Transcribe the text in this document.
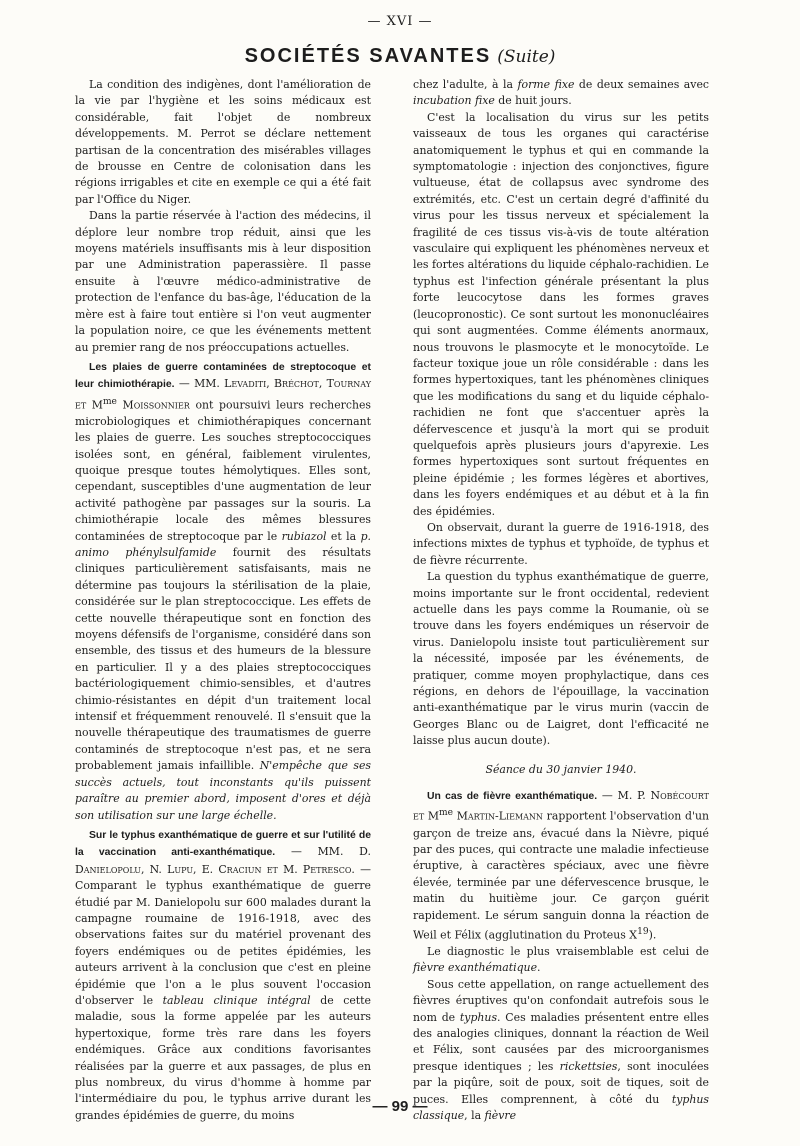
— XVI —
SOCIÉTÉS SAVANTES (Suite)

La condition des indigènes, dont l'amélioration de la vie par l'hygiène et les soins médicaux est considérable, fait l'objet de nombreux développements. M. Perrot se déclare nettement partisan de la concentration des misérables villages de brousse en Centre de colonisation dans les régions irrigables et cite en exemple ce qui a été fait par l'Office du Niger.

Dans la partie réservée à l'action des médecins, il déplore leur nombre trop réduit, ainsi que les moyens matériels insuffisants mis à leur disposition par une Administration paperassière. Il passe ensuite à l'œuvre médico-administrative de protection de l'enfance du bas-âge, l'éducation de la mère est à faire tout entière si l'on veut augmenter la population noire, ce que les événements mettent au premier rang de nos préoccupations actuelles.

Les plaies de guerre contaminées de streptocoque et leur chimiothérapie. — MM. Levaditi, Bréchot, Tournay et $M^{me}$ Moissonnier ont poursuivi leurs recherches microbiologiques et chimiothérapiques concernant les plaies de guerre. Les souches streptococciques isolées sont, en général, faiblement virulentes, quoique presque toutes hémolytiques. Elles sont, cependant, susceptibles d'une augmentation de leur activité pathogène par passages sur la souris. La chimiothérapie locale des mêmes blessures contaminées de streptocoque par le rubiazol et la p. animo phénylsulfamide fournit des résultats cliniques particulièrement satisfaisants, mais ne détermine pas toujours la stérilisation de la plaie, considérée sur le plan streptococcique. Les effets de cette nouvelle thérapeutique sont en fonction des moyens défensifs de l'organisme, considéré dans son ensemble, des tissus et des humeurs de la blessure en particulier. Il y a des plaies streptococciques bactériologiquement chimio-sensibles, et d'autres chimio-résistantes en dépit d'un traitement local intensif et fréquemment renouvelé. Il s'ensuit que la nouvelle thérapeutique des traumatismes de guerre contaminés de streptocoque n'est pas, et ne sera probablement jamais infaillible. N'empêche que ses succès actuels, tout inconstants qu'ils puissent paraître au premier abord, imposent d'ores et déjà son utilisation sur une large échelle.

Sur le typhus exanthématique de guerre et sur l'utilité de la vaccination anti-exanthématique. — MM. D. Danielopolu, N. Lupu, E. Craciun et M. Petresco. — Comparant le typhus exanthématique de guerre étudié par M. Danielopolu sur 600 malades durant la campagne roumaine de 1916-1918, avec des observations faites sur du matériel provenant des foyers endémiques ou de petites épidémies, les auteurs arrivent à la conclusion que c'est en pleine épidémie que l'on a le plus souvent l'occasion d'observer le tableau clinique intégral de cette maladie, sous la forme appelée par les auteurs hypertoxique, forme très rare dans les foyers endémiques. Grâce aux conditions favorisantes réalisées par la guerre et aux passages, de plus en plus nombreux, du virus d'homme à homme par l'intermédiaire du pou, le typhus arrive durant les grandes épidémies de guerre, du moins

chez l'adulte, à la forme fixe de deux semaines avec incubation fixe de huit jours.

C'est la localisation du virus sur les petits vaisseaux de tous les organes qui caractérise anatomiquement le typhus et qui en commande la symptomatologie : injection des conjonctives, figure vultueuse, état de collapsus avec syndrome des extrémités, etc. C'est un certain degré d'affinité du virus pour les tissus nerveux et spécialement la fragilité de ces tissus vis-à-vis de toute altération vasculaire qui expliquent les phénomènes nerveux et les fortes altérations du liquide céphalo-rachidien. Le typhus est l'infection générale présentant la plus forte leucocytose dans les formes graves (leucopronostic). Ce sont surtout les mononucléaires qui sont augmentées. Comme éléments anormaux, nous trouvons le plasmocyte et le monocytoïde. Le facteur toxique joue un rôle considérable : dans les formes hypertoxiques, tant les phénomènes cliniques que les modifications du sang et du liquide céphalo-rachidien ne font que s'accentuer après la défervescence et jusqu'à la mort qui se produit quelquefois après plusieurs jours d'apyrexie. Les formes hypertoxiques sont surtout fréquentes en pleine épidémie ; les formes légères et abortives, dans les foyers endémiques et au début et à la fin des épidémies.

On observait, durant la guerre de 1916-1918, des infections mixtes de typhus et typhoïde, de typhus et de fièvre récurrente.

La question du typhus exanthématique de guerre, moins importante sur le front occidental, redevient actuelle dans les pays comme la Roumanie, où se trouve dans les foyers endémiques un réservoir de virus. Danielopolu insiste tout particulièrement sur la nécessité, imposée par les événements, de pratiquer, comme moyen prophylactique, dans ces régions, en dehors de l'épouillage, la vaccination anti-exanthématique par le virus murin (vaccin de Georges Blanc ou de Laigret, dont l'efficacité ne laisse plus aucun doute).

Séance du 30 janvier 1940.

Un cas de fièvre exanthématique. — M. P. Nobécourt et $M^{me}$ Martin-Liemann rapportent l'observation d'un garçon de treize ans, évacué dans la Nièvre, piqué par des puces, qui contracte une maladie infectieuse éruptive, à caractères spéciaux, avec une fièvre élevée, terminée par une défervescence brusque, le matin du huitième jour. Ce garçon guérit rapidement. Le sérum sanguin donna la réaction de Weil et Félix (agglutination du Proteus $X^{19}$).

Le diagnostic le plus vraisemblable est celui de fièvre exanthématique.

Sous cette appellation, on range actuellement des fièvres éruptives qu'on confondait autrefois sous le nom de typhus. Ces maladies présentent entre elles des analogies cliniques, donnant la réaction de Weil et Félix, sont causées par des microorganismes presque identiques ; les rickettsies, sont inoculées par la piqûre, soit de poux, soit de tiques, soit de puces. Elles comprennent, à côté du typhus classique, la fièvre

— 99 —
